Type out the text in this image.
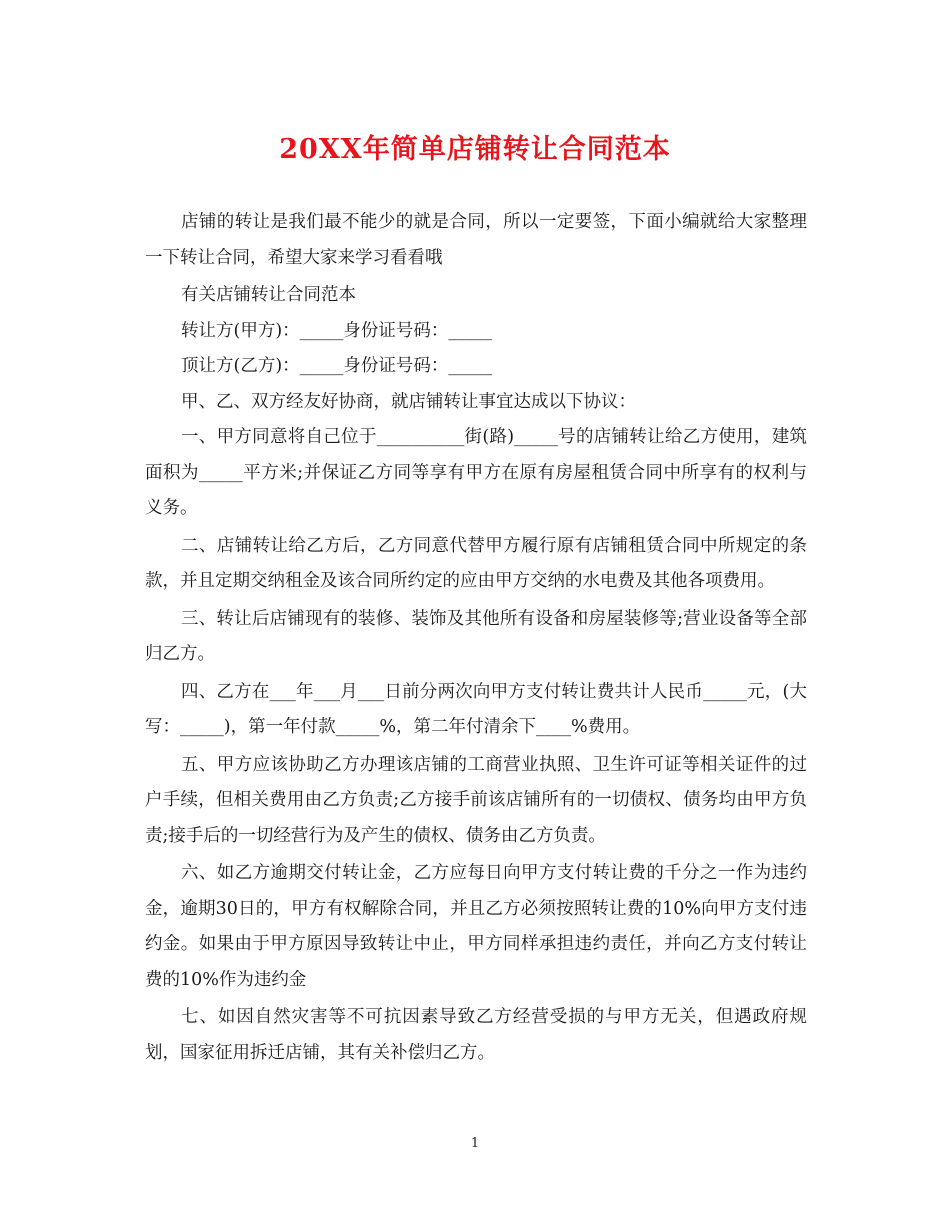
20XX年简单店铺转让合同范本

店铺的转让是我们最不能少的就是合同，所以一定要签，下面小编就给大家整理一下转让合同，希望大家来学习看看哦

有关店铺转让合同范本

转让方(甲方)：_____身份证号码：_____

顶让方(乙方)：_____身份证号码：_____

甲、乙、双方经友好协商，就店铺转让事宜达成以下协议：

一、甲方同意将自己位于__________街(路)_____号的店铺转让给乙方使用，建筑面积为_____平方米;并保证乙方同等享有甲方在原有房屋租赁合同中所享有的权利与义务。

二、店铺转让给乙方后，乙方同意代替甲方履行原有店铺租赁合同中所规定的条款，并且定期交纳租金及该合同所约定的应由甲方交纳的水电费及其他各项费用。

三、转让后店铺现有的装修、装饰及其他所有设备和房屋装修等;营业设备等全部归乙方。

四、乙方在___年___月___日前分两次向甲方支付转让费共计人民币_____元，(大写：_____)，第一年付款_____%，第二年付清余下____%费用。

五、甲方应该协助乙方办理该店铺的工商营业执照、卫生许可证等相关证件的过户手续，但相关费用由乙方负责;乙方接手前该店铺所有的一切债权、债务均由甲方负责;接手后的一切经营行为及产生的债权、债务由乙方负责。

六、如乙方逾期交付转让金，乙方应每日向甲方支付转让费的千分之一作为违约金，逾期30日的，甲方有权解除合同，并且乙方必须按照转让费的10%向甲方支付违约金。如果由于甲方原因导致转让中止，甲方同样承担违约责任，并向乙方支付转让费的10%作为违约金

七、如因自然灾害等不可抗因素导致乙方经营受损的与甲方无关，但遇政府规划，国家征用拆迁店铺，其有关补偿归乙方。

1
